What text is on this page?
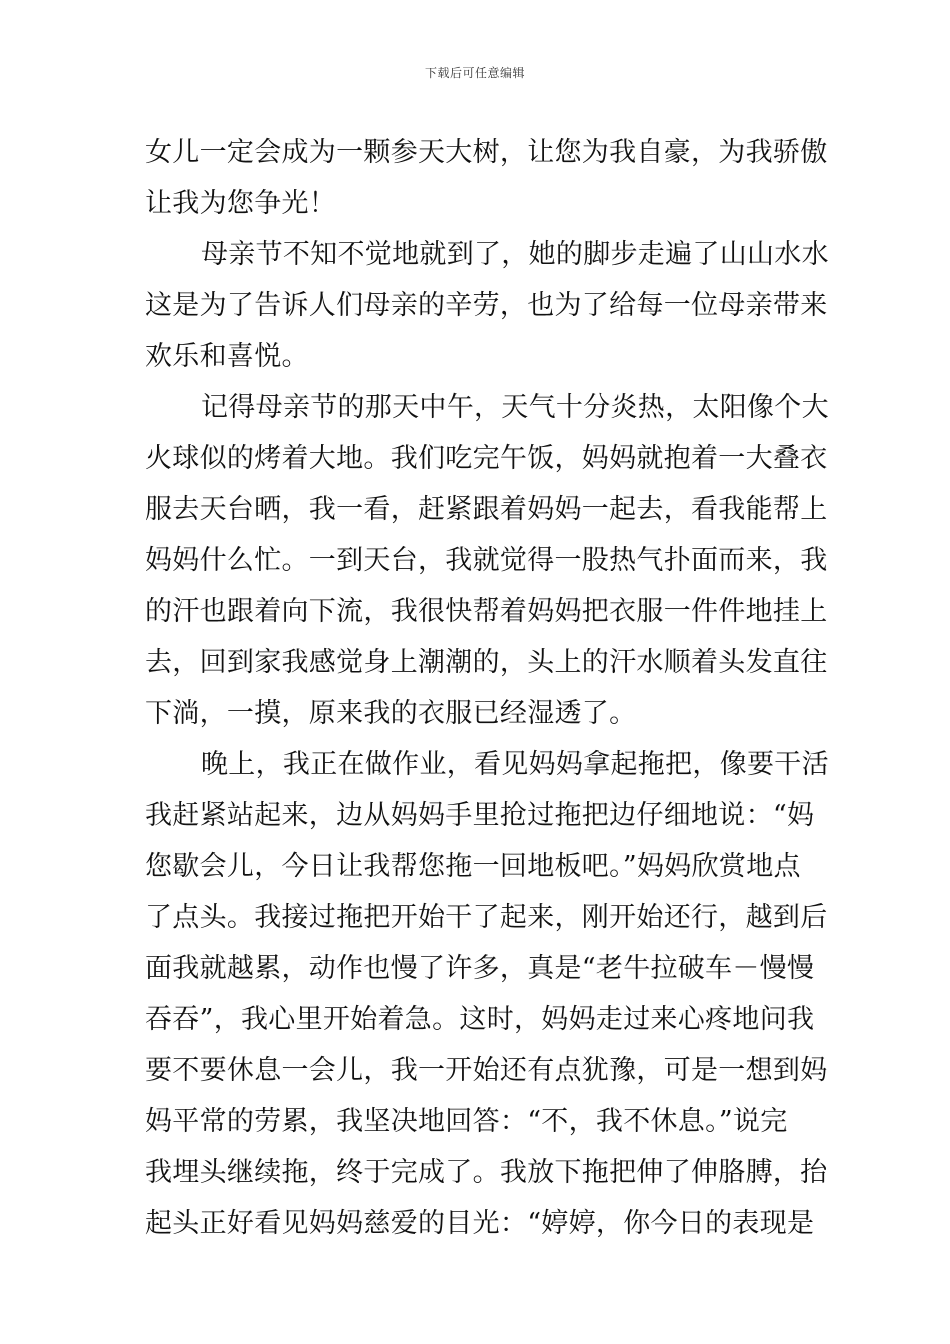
下载后可任意编辑
女儿一定会成为一颗参天大树，让您为我自豪，为我骄傲
让我为您争光！
母亲节不知不觉地就到了，她的脚步走遍了山山水水
这是为了告诉人们母亲的辛劳，也为了给每一位母亲带来
欢乐和喜悦。
记得母亲节的那天中午，天气十分炎热，太阳像个大
火球似的烤着大地。我们吃完午饭，妈妈就抱着一大叠衣
服去天台晒，我一看，赶紧跟着妈妈一起去，看我能帮上
妈妈什么忙。一到天台，我就觉得一股热气扑面而来，我
的汗也跟着向下流，我很快帮着妈妈把衣服一件件地挂上
去，回到家我感觉身上潮潮的，头上的汗水顺着头发直往
下淌，一摸，原来我的衣服已经湿透了。
晚上，我正在做作业，看见妈妈拿起拖把，像要干活
我赶紧站起来，边从妈妈手里抢过拖把边仔细地说：“妈
您歇会儿，今日让我帮您拖一回地板吧。”妈妈欣赏地点
了点头。我接过拖把开始干了起来，刚开始还行，越到后
面我就越累，动作也慢了许多，真是“老牛拉破车－慢慢
吞吞”，我心里开始着急。这时，妈妈走过来心疼地问我
要不要休息一会儿，我一开始还有点犹豫，可是一想到妈
妈平常的劳累，我坚决地回答：“不，我不休息。”说完
我埋头继续拖，终于完成了。我放下拖把伸了伸胳膊，抬
起头正好看见妈妈慈爱的目光：“婷婷，你今日的表现是
